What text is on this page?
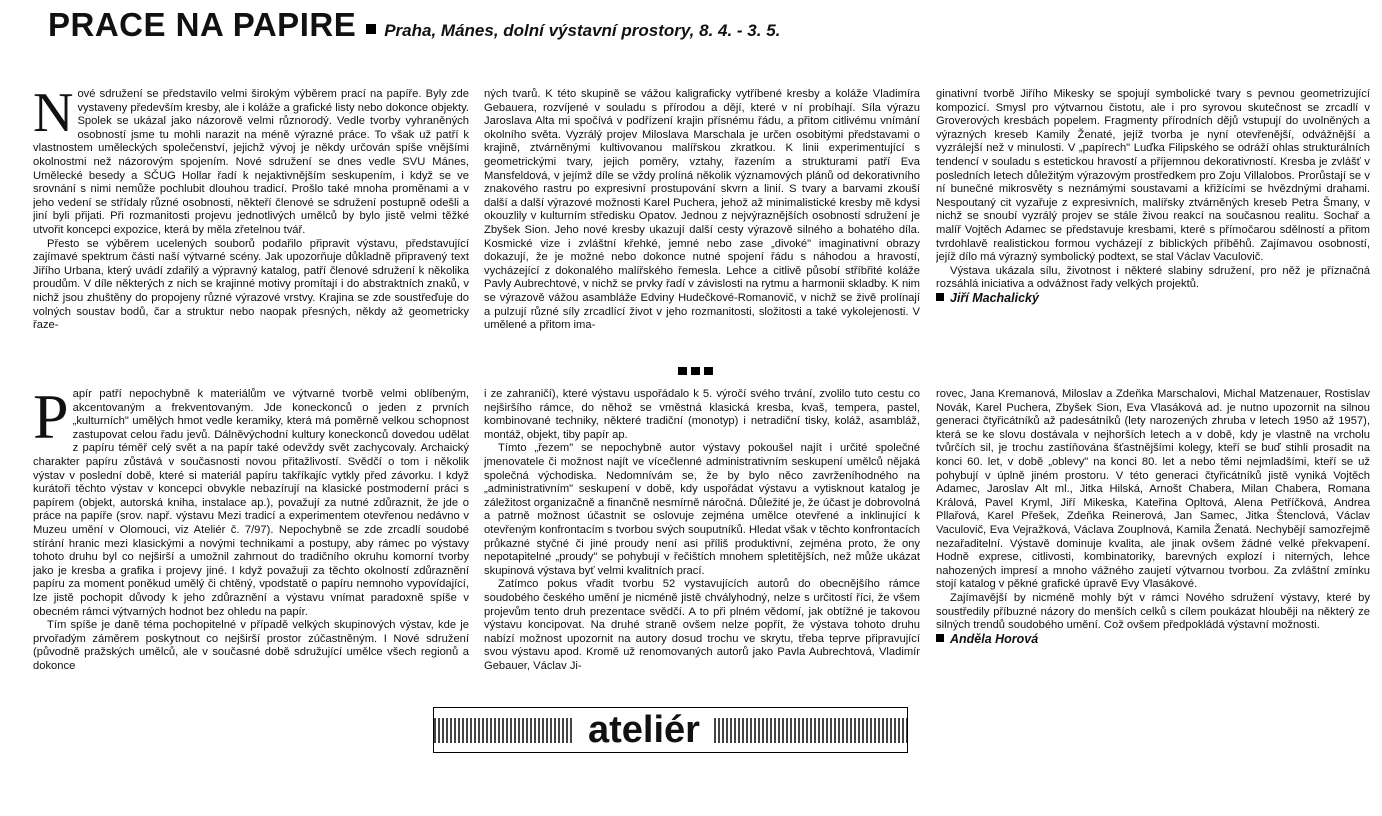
PRACE NA PAPIRE Praha, Mánes, dolní výstavní prostory, 8. 4. - 3. 5.

Nové sdružení se představilo velmi širokým výběrem prací na papíře. Byly zde vystaveny především kresby, ale i koláže a grafické listy nebo dokonce objekty. Spolek se ukázal jako názorově velmi různorodý. Vedle tvorby vyhraněných osobností jsme tu mohli narazit na méně výrazné práce. To však už patří k vlastnostem uměleckých společenství, jejichž vývoj je někdy určován spíše vnějšími okolnostmi než názorovým spojením. Nové sdružení se dnes vedle SVU Mánes, Umělecké besedy a SČUG Hollar řadí k nejaktivnějším seskupením, i když se ve srovnání s nimi nemůže pochlubit dlouhou tradicí. Prošlo také mnoha proměnami a v jeho vedení se střídaly různé osobnosti, někteří členové se sdružení postupně odešli a jiní byli přijati. Při rozmanitosti projevu jednotlivých umělců by bylo jistě velmi těžké utvořit koncepci expozice, která by měla zřetelnou tvář.

Přesto se výběrem ucelených souborů podařilo připravit výstavu, představující zajímavé spektrum části naší výtvarné scény. Jak upozorňuje důkladně připravený text Jiřího Urbana, který uvádí zdařilý a výpravný katalog, patří členové sdružení k několika proudům. V díle některých z nich se krajinné motivy promítají i do abstraktních znaků, v nichž jsou zhuštěny do propojeny různé výrazové vrstvy. Krajina se zde soustřeďuje do volných soustav bodů, čar a struktur nebo naopak přesných, někdy až geometricky řaze-

ných tvarů. K této skupině se vážou kaligraficky vytříbené kresby a koláže Vladimíra Gebauera, rozvíjené v souladu s přírodou a dějí, které v ní probíhají. Síla výrazu Jaroslava Alta mi spočívá v podřízení krajin přísnému řádu, a přitom citlivému vnímání okolního světa. Vyzrálý projev Miloslava Marschala je určen osobitými představami o krajině, ztvárněnými kultivovanou malířskou zkratkou. K linii experimentující s geometrickými tvary, jejich poměry, vztahy, řazením a strukturami patří Eva Mansfeldová, v jejímž díle se vždy prolíná několik významových plánů od dekorativního znakového rastru po expresivní prostupování skvrn a linií. S tvary a barvami zkouší další a další výrazové možnosti Karel Puchera, jehož až minimalistické kresby mě kdysi okouzlily v kulturním středisku Opatov. Jednou z nejvýraznějších osobností sdružení je Zbyšek Sion. Jeho nové kresby ukazují další cesty výrazově silného a bohatého díla. Kosmické vize i zvláštní křehké, jemné nebo zase „divoké" imaginativní obrazy dokazují, že je možné nebo dokonce nutné spojení řádu s náhodou a hravostí, vycházející z dokonalého malířského řemesla. Lehce a citlivě působí stříbřité koláže Pavly Aubrechtové, v nichž se prvky řadí v závislosti na rytmu a harmonii skladby. K nim se výrazově vážou asambláže Edviny Hudečkové-Romanovič, v nichž se živě prolínají a pulzují různé síly zrcadlící život v jeho rozmanitosti, složitosti a také vykolejenosti. V umělené a přitom ima-

ginativní tvorbě Jiřího Mikesky se spojují symbolické tvary s pevnou geometrizující kompozicí. Smysl pro výtvarnou čistotu, ale i pro syrovou skutečnost se zrcadlí v Groverových kresbách popelem. Fragmenty přírodních dějů vstupují do uvolněných a výrazných kreseb Kamily Ženaté, jejíž tvorba je nyní otevřenější, odvážnější a vyzrálejší než v minulosti. V „papírech" Luďka Filipského se odráží ohlas strukturálních tendencí v souladu s estetickou hravostí a příjemnou dekorativností. Kresba je zvlášť v posledních letech důležitým výrazovým prostředkem pro Zoju Villalobos. Prorůstají se v ní bunečné mikrosvěty s neznámými soustavami a křižícími se hvězdnými drahami. Nespoutaný cit vyzařuje z expresivních, malířsky ztvárněných kreseb Petra Šmany, v nichž se snoubí vyzrálý projev se stále živou reakcí na současnou realitu. Sochař a malíř Vojtěch Adamec se představuje kresbami, které s přímočarou sdělností a přitom tvrdohlavě realistickou formou vycházejí z biblických příběhů. Zajímavou osobností, jejíž dílo má výrazný symbolický podtext, se stal Václav Vaculovič.

Výstava ukázala sílu, životnost i některé slabiny sdružení, pro něž je příznačná rozsáhlá iniciativa a odvážnost řady velkých projektů.

Jiří Machalický

Papír patří nepochybně k materiálům ve výtvarné tvorbě velmi oblíbeným, akcentovaným a frekventovaným. Jde koneckonců o jeden z prvních „kulturních" umělých hmot vedle keramiky, která má poměrně velkou schopnost zastupovat celou řadu jevů. Dálněvýchodní kultury koneckonců dovedou udělat z papíru téměř celý svět a na papír také odevždy svět zachycovaly. Archaický charakter papíru zůstává v současnosti novou přitažlivostí. Svědčí o tom i několik výstav v poslední době, které si materiál papíru takříkajíc vytkly před závorku. I když kurátoři těchto výstav v koncepci obvykle nebazírují na klasické postmoderní práci s papírem (objekt, autorská kniha, instalace ap.), považují za nutné zdůraznit, že jde o práce na papíře (srov. např. výstavu Mezi tradicí a experimentem otevřenou nedávno v Muzeu umění v Olomouci, viz Ateliér č. 7/97). Nepochybně se zde zrcadlí soudobé stírání hranic mezi klasickými a novými technikami a postupy, aby rámec po výstavy tohoto druhu byl co nejširší a umožnil zahrnout do tradičního okruhu komorní tvorby jako je kresba a grafika i projevy jiné. I když považuji za těchto okolností zdůraznění papíru za moment poněkud umělý či chtěný, vpodstatě o papíru nemnoho vypovídající, lze jistě pochopit důvody k jeho zdůraznění a výstavu vnímat paradoxně spíše v obecném rámci výtvarných hodnot bez ohledu na papír.

Tím spíše je daně téma pochopitelné v případě velkých skupinových výstav, kde je prvořadým záměrem poskytnout co nejširší prostor zúčastněným. I Nové sdružení (původně pražských umělců, ale v současné době sdružující umělce všech regionů a dokonce

i ze zahraničí), které výstavu uspořádalo k 5. výročí svého trvání, zvolilo tuto cestu co nejširšího rámce, do něhož se vměstná klasická kresba, kvaš, tempera, pastel, kombinované techniky, některé tradiční (monotyp) i netradiční tisky, koláž, asambláž, montáž, objekt, tiby papír ap.

Tímto „řezem" se nepochybně autor výstavy pokoušel najít i určité společné jmenovatele či možnost najít ve vícečlenné administrativním seskupení umělců nějaká společná východiska. Nedomnívám se, že by bylo něco zavrženíhodného na „administrativním" seskupení v době, kdy uspořádat výstavu a vytisknout katalog je záležitost organizačně a finančně nesmírně náročná. Důležité je, že účast je dobrovolná a patrně možnost účastnit se oslovuje zejména umělce otevřené a inklinující k otevřeným konfrontacím s tvorbou svých souputníků. Hledat však v těchto konfrontacích průkazné styčné či jiné proudy není asi příliš produktivní, zejména proto, že ony nepotapitelné „proudy" se pohybují v řečištích mnohem spletitějších, než může ukázat skupinová výstava byť velmi kvalitních prací.

Zatímco pokus vřadit tvorbu 52 vystavujících autorů do obecnějšího rámce soudobého českého umění je nicméně jistě chvályhodný, nelze s určitostí říci, že všem projevům tento druh prezentace svědčí. A to při plném vědomí, jak obtížné je takovou výstavu koncipovat. Na druhé straně ovšem nelze popřít, že výstava tohoto druhu nabízí možnost upozornit na autory dosud trochu ve skrytu, třeba teprve připravující svou výstavu apod. Kromě už renomovaných autorů jako Pavla Aubrechtová, Vladimír Gebauer, Václav Ji-

rovec, Jana Kremanová, Miloslav a Zdeňka Marschalovi, Michal Matzenauer, Rostislav Novák, Karel Puchera, Zbyšek Sion, Eva Vlasáková ad. je nutno upozornit na silnou generaci čtyřicátníků až padesátníků (lety narozených zhruba v letech 1950 až 1957), která se ke slovu dostávala v nejhorších letech a v době, kdy je vlastně na vrcholu tvůrčích sil, je trochu zastíňována šťastnějšími kolegy, kteří se buď stihli prosadit na konci 60. let, v době „oblevy" na konci 80. let a nebo těmi nejmladšími, kteří se už pohybují v úplně jiném prostoru. V této generaci čtyřicátníků jistě vyniká Vojtěch Adamec, Jaroslav Alt ml., Jitka Hilská, Arnošt Chabera, Milan Chabera, Romana Králová, Pavel Kryml, Jiří Mikeska, Kateřina Opltová, Alena Petříčková, Andrea Pllařová, Karel Přešek, Zdeňka Reinerová, Jan Samec, Jitka Štenclová, Václav Vaculovič, Eva Vejražková, Václava Zouplnová, Kamila Ženatá. Nechybějí samozřejmě nezařaditelní. Výstavě dominuje kvalita, ale jinak ovšem žádné velké překvapení. Hodně exprese, citlivosti, kombinatoriky, barevných explozí i niterných, lehce nahozených impresí a mnoho vážného zaujetí výtvarnou tvorbou. Za zvláštní zmínku stojí katalog v pěkné grafické úpravě Evy Vlasákové.

Zajímavější by nicméně mohly být v rámci Nového sdružení výstavy, které by soustředily příbuzné názory do menších celků s cílem poukázat hlouběji na některý ze silných trendů soudobého umění. Což ovšem předpokládá výstavní možnosti.

Anděla Horová

ateliér
